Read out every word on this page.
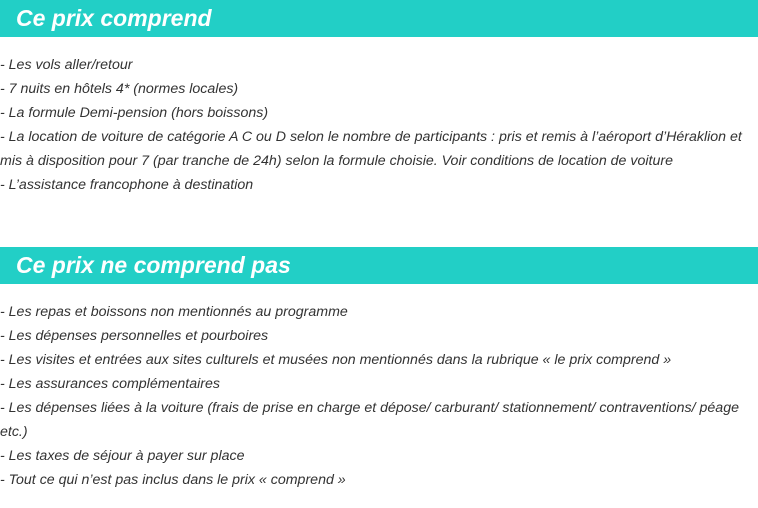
Ce prix comprend
- Les vols aller/retour
- 7 nuits en hôtels 4* (normes locales)
- La formule Demi-pension (hors boissons)
- La location de voiture de catégorie A C ou D selon le nombre de participants : pris et remis à l’aéroport d’Héraklion et mis à disposition pour 7 (par tranche de 24h) selon la formule choisie. Voir conditions de location de voiture
- L’assistance francophone à destination
Ce prix ne comprend pas
- Les repas et boissons non mentionnés au programme
- Les dépenses personnelles et pourboires
- Les visites et entrées aux sites culturels et musées non mentionnés dans la rubrique « le prix comprend »
- Les assurances complémentaires
- Les dépenses liées à la voiture (frais de prise en charge et dépose/ carburant/ stationnement/ contraventions/ péage etc.)
- Les taxes de séjour à payer sur place
- Tout ce qui n’est pas inclus dans le prix « comprend »
